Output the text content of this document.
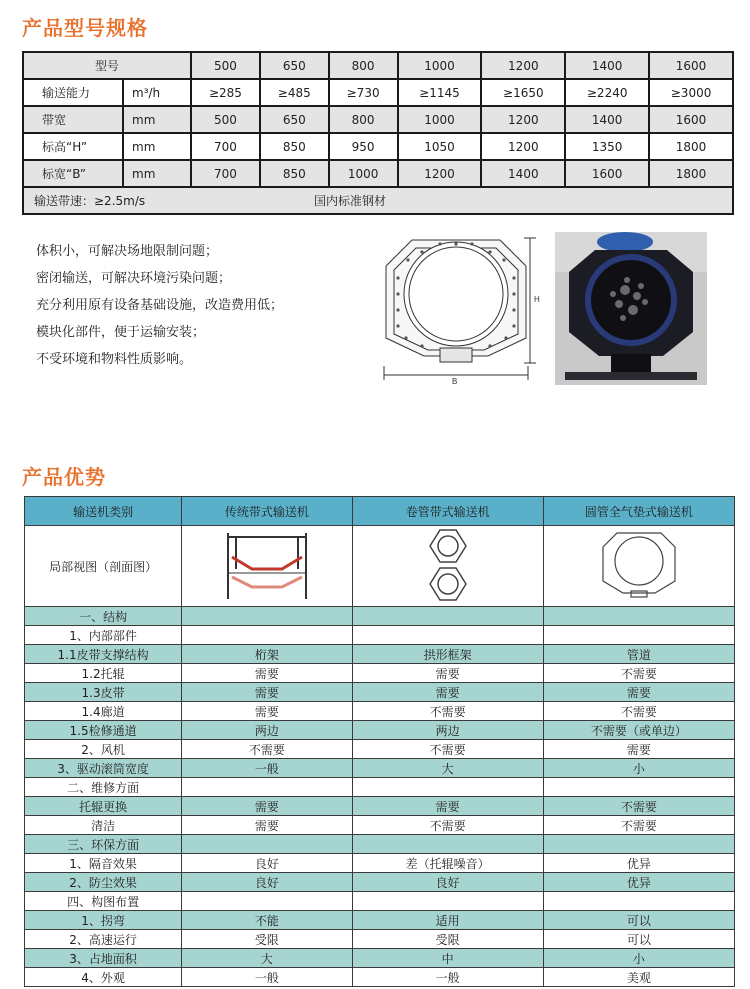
产品型号规格
型号		500	650	800	1000	1200	1400	1600
输送能力	m³/h	≥285	≥485	≥730	≥1145	≥1650	≥2240	≥3000
带宽	mm	500	650	800	1000	1200	1400	1600
标高“H”	mm	700	850	950	1050	1200	1350	1800
标宽“B”	mm	700	850	1000	1200	1400	1600	1800
输送带速：≥2.5m/s 国内标准钢材								
体积小，可解决场地限制问题；
密闭输送，可解决环境污染问题；
充分利用原有设备基础设施，改造费用低；
模块化部件，便于运输安装；
不受环境和物料性质影响。
H
B
产品优势
输送机类别	传统带式输送机	卷管带式输送机	圆管全气垫式输送机
局部视图（剖面图）			
一、结构			
1、内部部件			
1.1皮带支撑结构	桁架	拱形框架	管道
1.2托辊	需要	需要	不需要
1.3皮带	需要	需要	需要
1.4廊道	需要	不需要	不需要
1.5检修通道	两边	两边	不需要（或单边）
2、风机	不需要	不需要	需要
3、驱动滚筒宽度	一般	大	小
二、维修方面			
托辊更换	需要	需要	不需要
清洁	需要	不需要	不需要
三、环保方面			
1、隔音效果	良好	差（托辊噪音）	优异
2、防尘效果	良好	良好	优异
四、构图布置			
1、拐弯	不能	适用	可以
2、高速运行	受限	受限	可以
3、占地面积	大	中	小
4、外观	一般	一般	美观
